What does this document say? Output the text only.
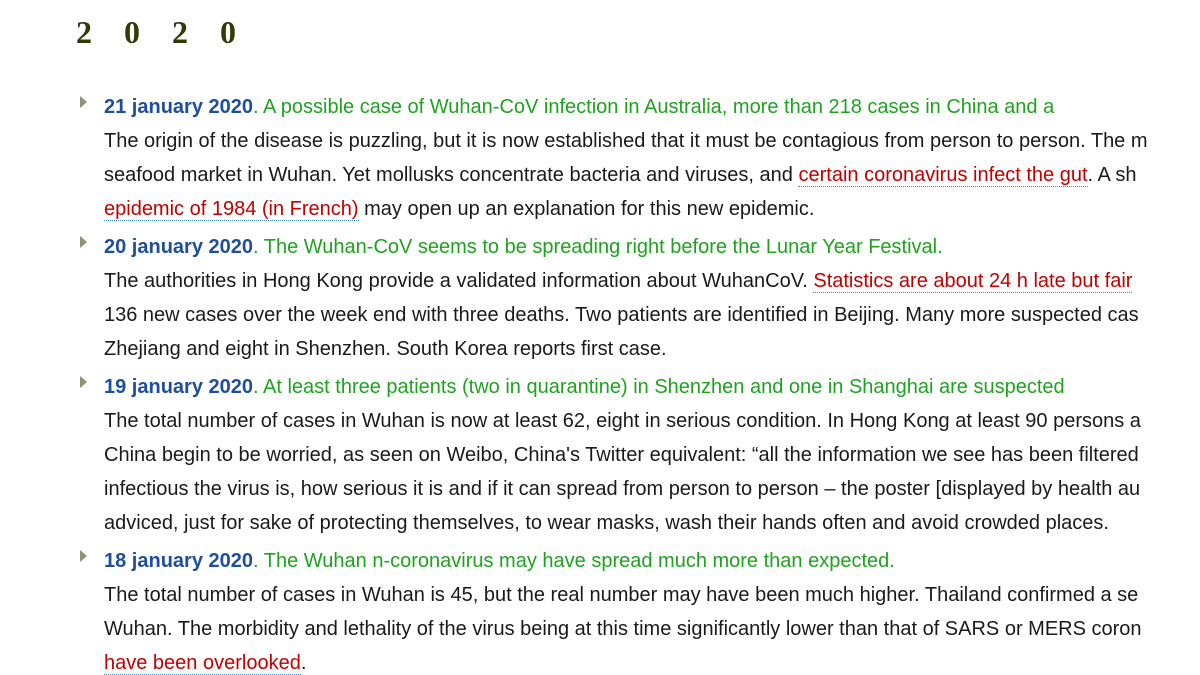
2 0 2 0
21 january 2020. A possible case of Wuhan-CoV infection in Australia, more than 218 cases in China and a
The origin of the disease is puzzling, but it is now established that it must be contagious from person to person. The m
seafood market in Wuhan. Yet mollusks concentrate bacteria and viruses, and certain coronavirus infect the gut. A sh
epidemic of 1984 (in French) may open up an explanation for this new epidemic.
20 january 2020. The Wuhan-CoV seems to be spreading right before the Lunar Year Festival.
The authorities in Hong Kong provide a validated information about WuhanCoV. Statistics are about 24 h late but fair
136 new cases over the week end with three deaths. Two patients are identified in Beijing. Many more suspected cas
Zhejiang and eight in Shenzhen. South Korea reports first case.
19 january 2020. At least three patients (two in quarantine) in Shenzhen and one in Shanghai are suspected
The total number of cases in Wuhan is now at least 62, eight in serious condition. In Hong Kong at least 90 persons a
China begin to be worried, as seen on Weibo, China's Twitter equivalent: “all the information we see has been filtered
infectious the virus is, how serious it is and if it can spread from person to person – the poster [displayed by health au
adviced, just for sake of protecting themselves, to wear masks, wash their hands often and avoid crowded places.
18 january 2020. The Wuhan n-coronavirus may have spread much more than expected.
The total number of cases in Wuhan is 45, but the real number may have been much higher. Thailand confirmed a se
Wuhan. The morbidity and lethality of the virus being at this time significantly lower than that of SARS or MERS coron
have been overlooked.
